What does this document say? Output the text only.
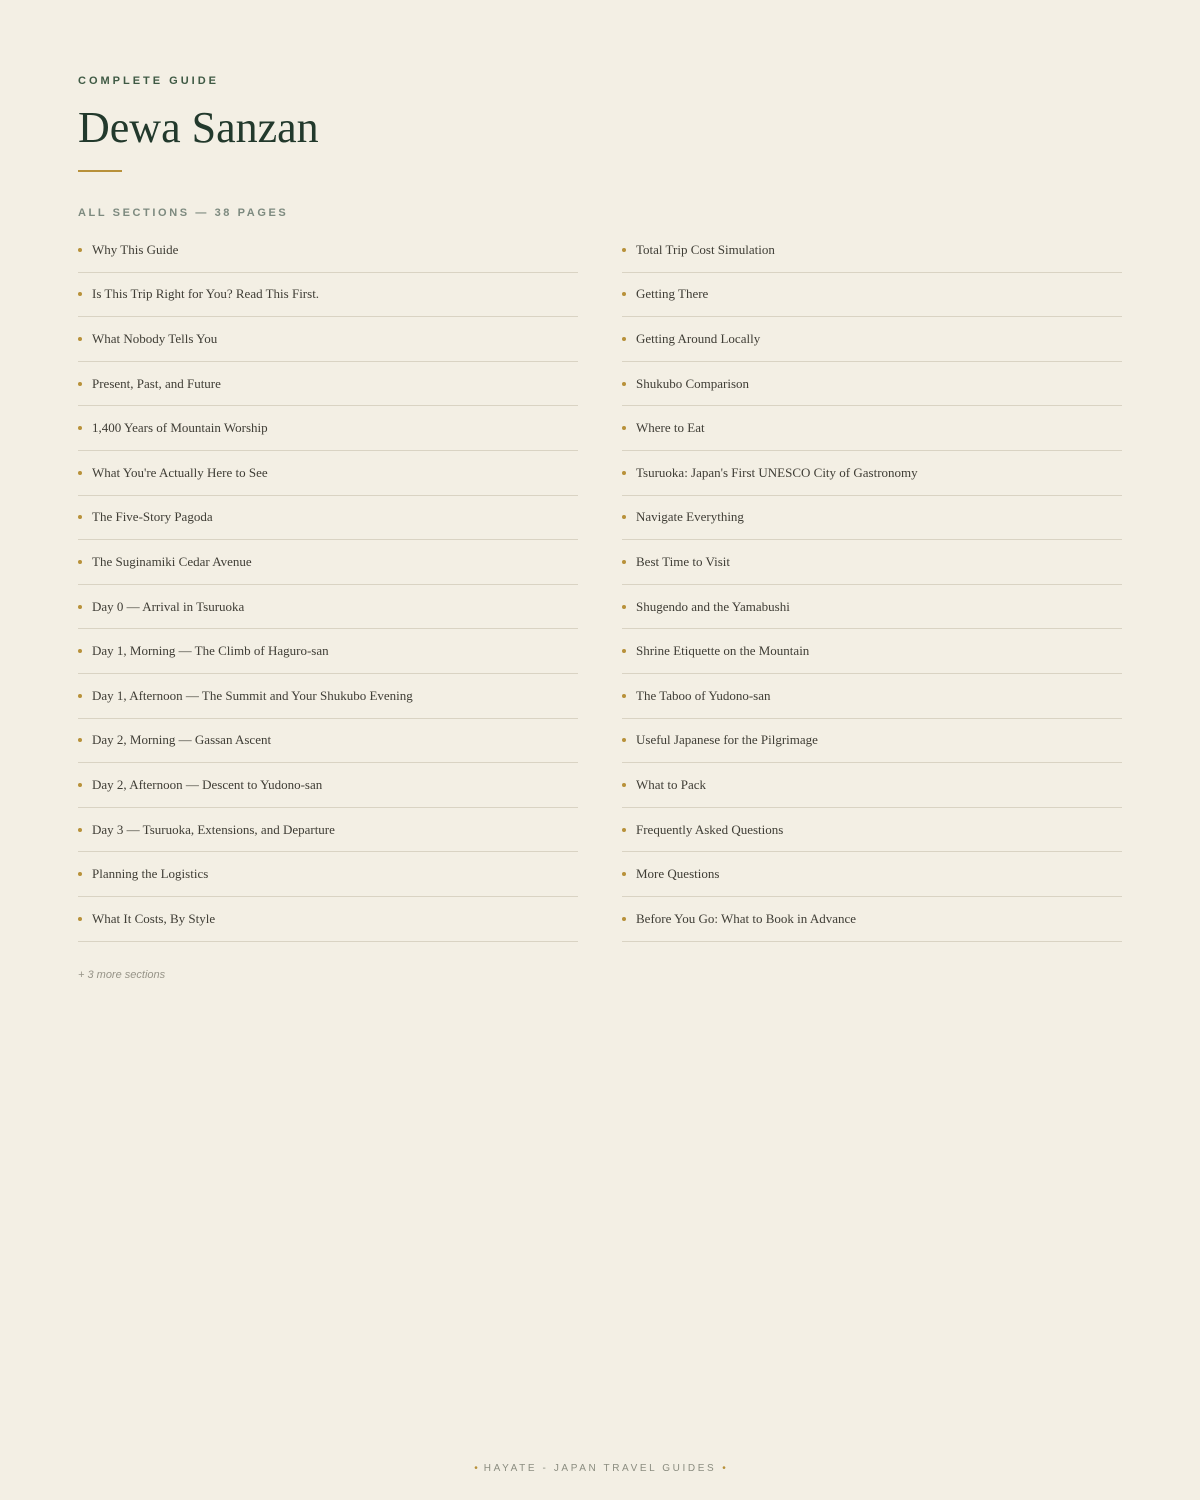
COMPLETE GUIDE
Dewa Sanzan
ALL SECTIONS — 38 PAGES
Why This Guide
Is This Trip Right for You? Read This First.
What Nobody Tells You
Present, Past, and Future
1,400 Years of Mountain Worship
What You're Actually Here to See
The Five-Story Pagoda
The Suginamiki Cedar Avenue
Day 0 — Arrival in Tsuruoka
Day 1, Morning — The Climb of Haguro-san
Day 1, Afternoon — The Summit and Your Shukubo Evening
Day 2, Morning — Gassan Ascent
Day 2, Afternoon — Descent to Yudono-san
Day 3 — Tsuruoka, Extensions, and Departure
Planning the Logistics
What It Costs, By Style
Total Trip Cost Simulation
Getting There
Getting Around Locally
Shukubo Comparison
Where to Eat
Tsuruoka: Japan's First UNESCO City of Gastronomy
Navigate Everything
Best Time to Visit
Shugendo and the Yamabushi
Shrine Etiquette on the Mountain
The Taboo of Yudono-san
Useful Japanese for the Pilgrimage
What to Pack
Frequently Asked Questions
More Questions
Before You Go: What to Book in Advance
+ 3 more sections
• HAYATE - JAPAN TRAVEL GUIDES •
